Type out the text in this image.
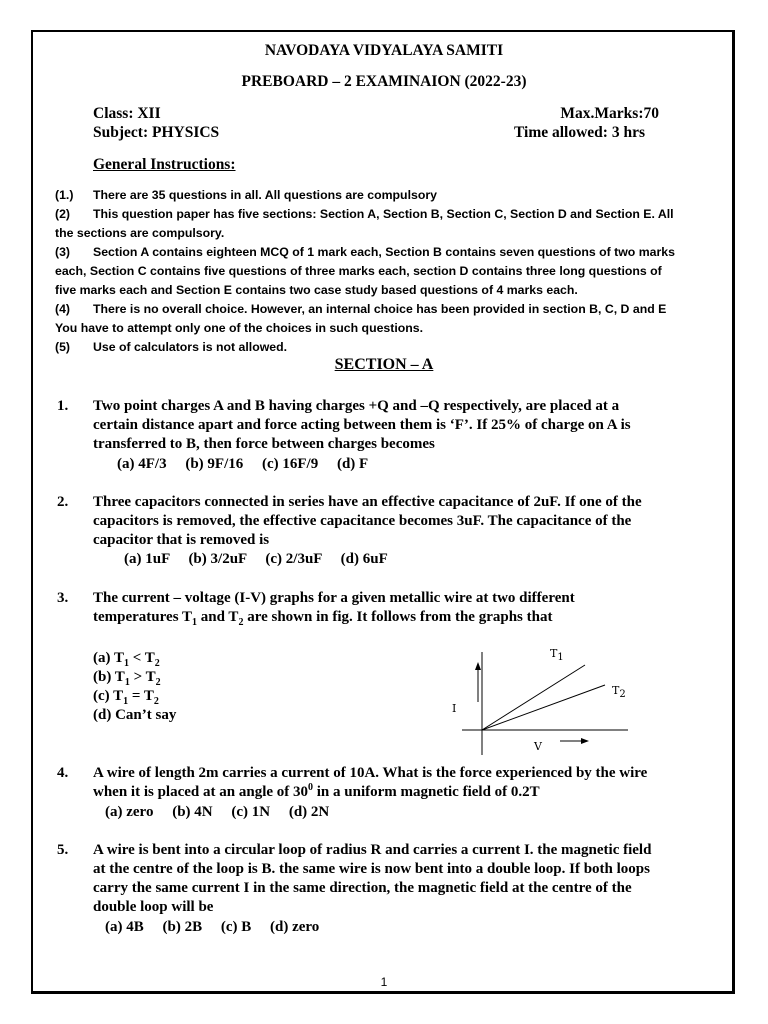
NAVODAYA VIDYALAYA SAMITI
PREBOARD – 2 EXAMINAION (2022-23)
Class: XII	Max.Marks:70
Subject: PHYSICS	Time allowed: 3 hrs
General Instructions:
(1.) There are 35 questions in all. All questions are compulsory
(2) This question paper has five sections: Section A, Section B, Section C, Section D and Section E. All
the sections are compulsory.
(3) Section A contains eighteen MCQ of 1 mark each, Section B contains seven questions of two marks
each, Section C contains five questions of three marks each, section D contains three long questions of
five marks each and Section E contains two case study based questions of 4 marks each.
(4) There is no overall choice. However, an internal choice has been provided in section B, C, D and E
You have to attempt only one of the choices in such questions.
(5) Use of calculators is not allowed.
SECTION – A
1. Two point charges A and B having charges +Q and –Q respectively, are placed at a
certain distance apart and force acting between them is ‘F’. If 25% of charge on A is
transferred to B, then force between charges becomes
(a) 4F/3     (b) 9F/16     (c) 16F/9     (d) F
2. Three capacitors connected in series have an effective capacitance of 2uF. If one of the
capacitors is removed, the effective capacitance becomes 3uF. The capacitance of the
capacitor that is removed is
(a) 1uF     (b) 3/2uF     (c) 2/3uF     (d) 6uF
3. The current – voltage (I-V) graphs for a given metallic wire at two different
temperatures $T_1$ and $T_2$ are shown in fig. It follows from the graphs that
(a) $T_1 < T_2$
(b) $T_1 > T_2$
(c) $T_1 = T_2$
(d) Can’t say	I
V
$T_1$
$T_2$
4. A wire of length 2m carries a current of 10A. What is the force experienced by the wire
when it is placed at an angle of $30^0$ in a uniform magnetic field of 0.2T
(a) zero     (b) 4N     (c) 1N     (d) 2N
5. A wire is bent into a circular loop of radius R and carries a current I. the magnetic field
at the centre of the loop is B. the same wire is now bent into a double loop. If both loops
carry the same current I in the same direction, the magnetic field at the centre of the
double loop will be
(a) 4B     (b) 2B     (c) B     (d) zero
1
